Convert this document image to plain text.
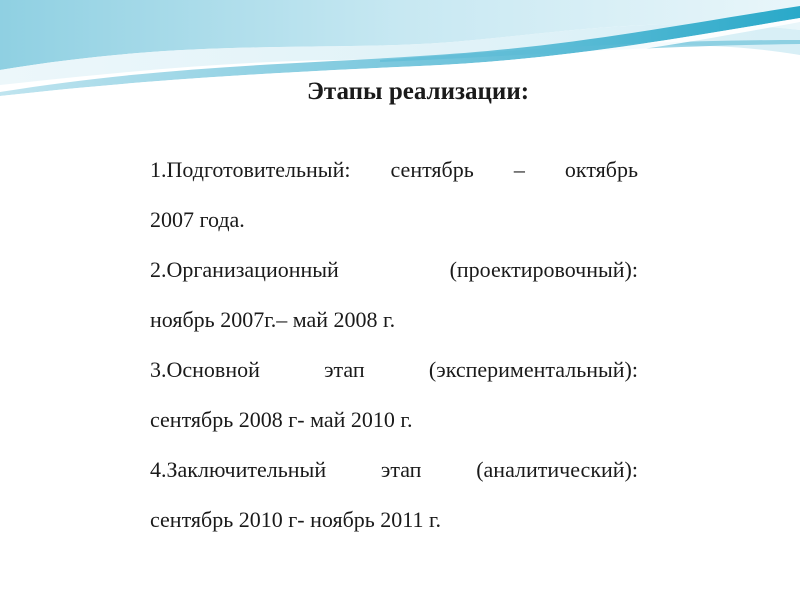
Этапы реализации:
1.Подготовительный: сентябрь – октябрь
2007 года.
2.Организационный (проектировочный):
ноябрь 2007г.– май 2008 г.
3.Основной этап (экспериментальный):
сентябрь 2008 г- май 2010 г.
4.Заключительный этап (аналитический):
сентябрь 2010 г- ноябрь 2011 г.
